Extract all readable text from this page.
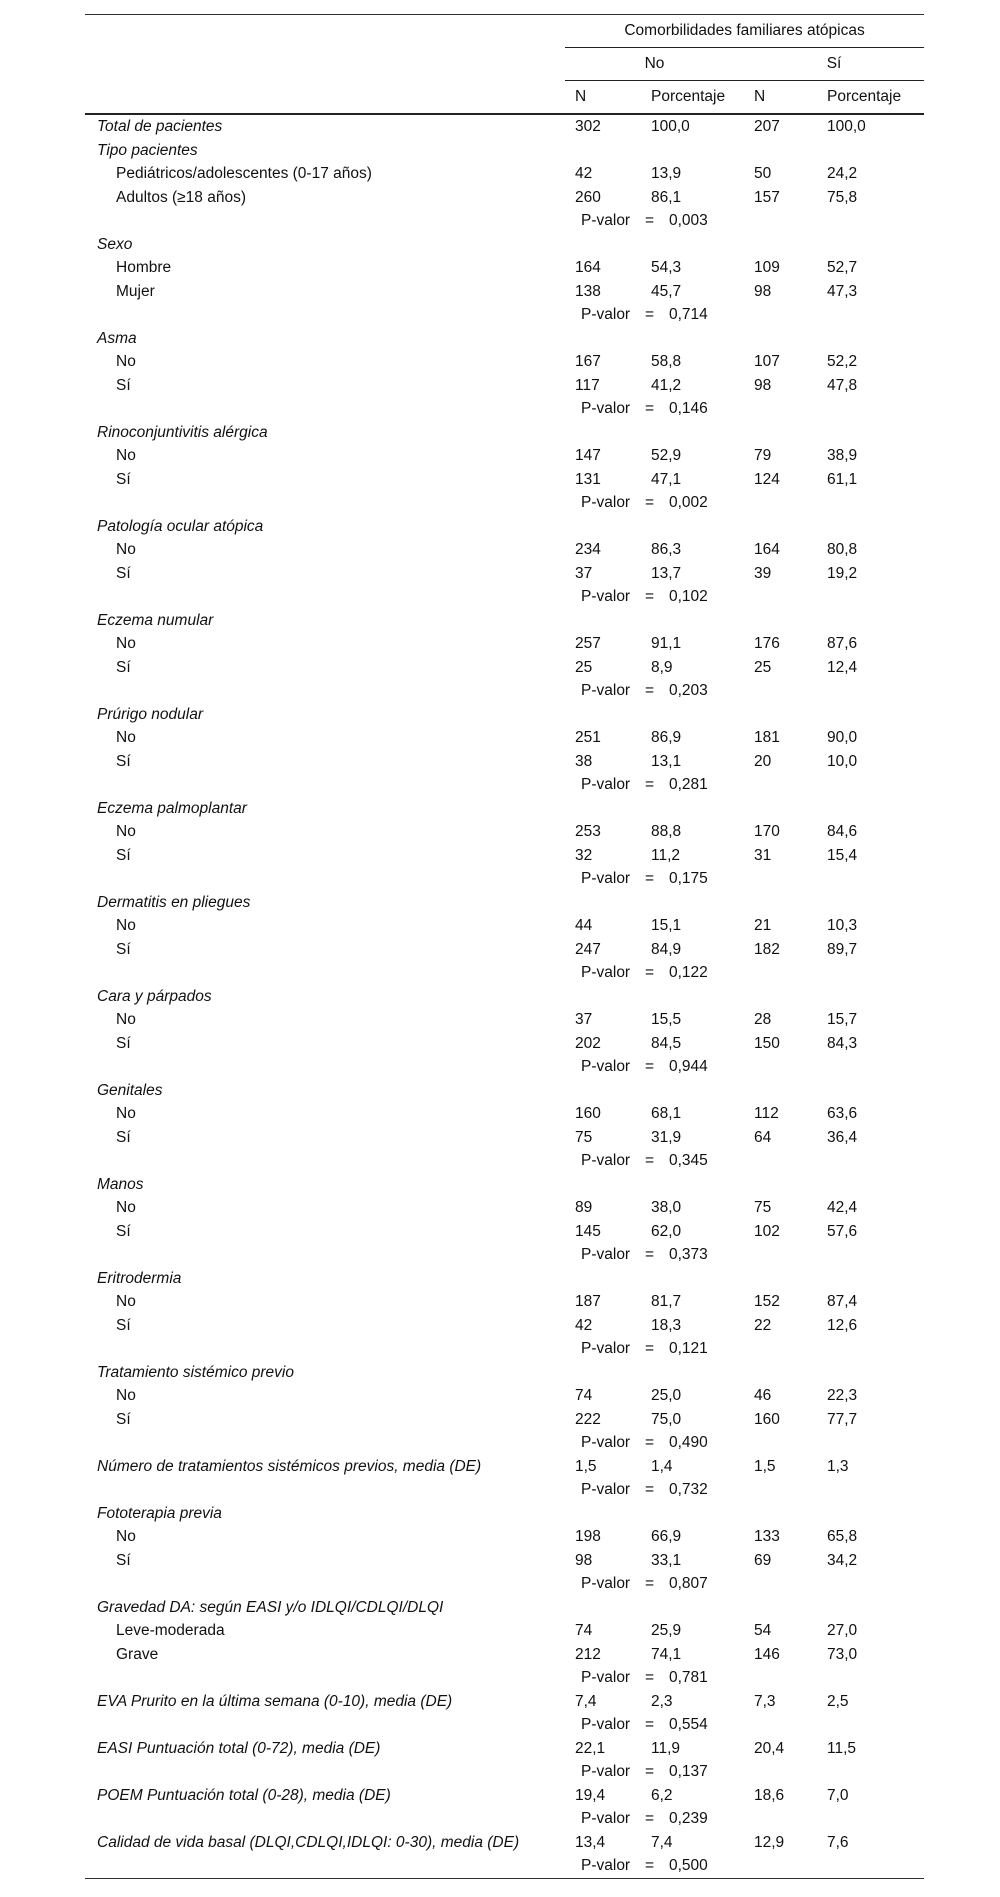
	Comorbilidades familiares atópicas			
	No		Sí	
	N	Porcentaje	N	Porcentaje
Total de pacientes	302	100,0	207	100,0
Tipo pacientes				
Pediátricos/adolescentes (0-17 años)	42	13,9	50	24,2
Adultos (≥18 años)	260	86,1	157	75,8

	P-valor = 0,003			

Sexo				
Hombre	164	54,3	109	52,7
Mujer	138	45,7	98	47,3

	P-valor = 0,714			

Asma				
No	167	58,8	107	52,2
Sí	117	41,2	98	47,8

	P-valor = 0,146			

Rinoconjuntivitis alérgica				
No	147	52,9	79	38,9
Sí	131	47,1	124	61,1

	P-valor = 0,002			

Patología ocular atópica				
No	234	86,3	164	80,8
Sí	37	13,7	39	19,2

	P-valor = 0,102			

Eczema numular				
No	257	91,1	176	87,6
Sí	25	8,9	25	12,4

	P-valor = 0,203			

Prúrigo nodular				
No	251	86,9	181	90,0
Sí	38	13,1	20	10,0

	P-valor = 0,281			

Eczema palmoplantar				
No	253	88,8	170	84,6
Sí	32	11,2	31	15,4

	P-valor = 0,175			

Dermatitis en pliegues				
No	44	15,1	21	10,3
Sí	247	84,9	182	89,7

	P-valor = 0,122			

Cara y párpados				
No	37	15,5	28	15,7
Sí	202	84,5	150	84,3

	P-valor = 0,944			

Genitales				
No	160	68,1	112	63,6
Sí	75	31,9	64	36,4

	P-valor = 0,345			

Manos				
No	89	38,0	75	42,4
Sí	145	62,0	102	57,6

	P-valor = 0,373			

Eritrodermia				
No	187	81,7	152	87,4
Sí	42	18,3	22	12,6

	P-valor = 0,121			

Tratamiento sistémico previo				
No	74	25,0	46	22,3
Sí	222	75,0	160	77,7

	P-valor = 0,490			

Número de tratamientos sistémicos previos, media (DE)	1,5	1,4	1,5	1,3

	P-valor = 0,732			

Fototerapia previa				
No	198	66,9	133	65,8
Sí	98	33,1	69	34,2

	P-valor = 0,807			

Gravedad DA: según EASI y/o IDLQI/CDLQI/DLQI				
Leve-moderada	74	25,9	54	27,0
Grave	212	74,1	146	73,0

	P-valor = 0,781			

EVA Prurito en la última semana (0-10), media (DE)	7,4	2,3	7,3	2,5

	P-valor = 0,554			

EASI Puntuación total (0-72), media (DE)	22,1	11,9	20,4	11,5

	P-valor = 0,137			

POEM Puntuación total (0-28), media (DE)	19,4	6,2	18,6	7,0

	P-valor = 0,239			

Calidad de vida basal (DLQI,CDLQI,IDLQI: 0-30), media (DE)	13,4	7,4	12,9	7,6

	P-valor = 0,500			
